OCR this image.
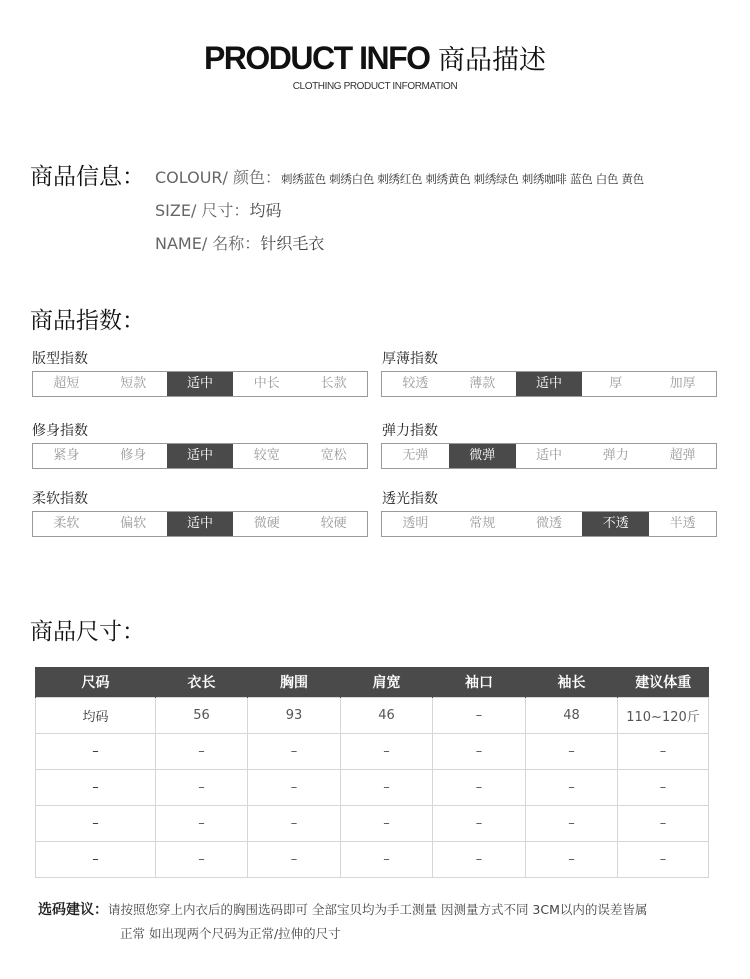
PRODUCT INFO 商品描述
CLOTHING PRODUCT INFORMATION
商品信息： COLOUR/ 颜色：刺绣蓝色 刺绣白色 刺绣红色 刺绣黄色 刺绣绿色 刺绣咖啡 蓝色 白色 黄色
SIZE/ 尺寸：均码
NAME/ 名称：针织毛衣
商品指数：
版型指数
超短	短款	适中	中长	长款
厚薄指数
较透	薄款	适中	厚	加厚
修身指数
紧身	修身	适中	较宽	宽松
弹力指数
无弹	微弹	适中	弹力	超弹
柔软指数
柔软	偏软	适中	微硬	较硬
透光指数
透明	常规	微透	不透	半透
商品尺寸：
尺码	衣长	胸围	肩宽	袖口	袖长	建议体重
均码	56	93	46	–	48	110~120斤
–	–	–	–	–	–	–
–	–	–	–	–	–	–
–	–	–	–	–	–	–
–	–	–	–	–	–	–
选码建议：请按照您穿上内衣后的胸围选码即可 全部宝贝均为手工测量 因测量方式不同 3CM以内的误差皆属
正常 如出现两个尺码为正常/拉伸的尺寸
